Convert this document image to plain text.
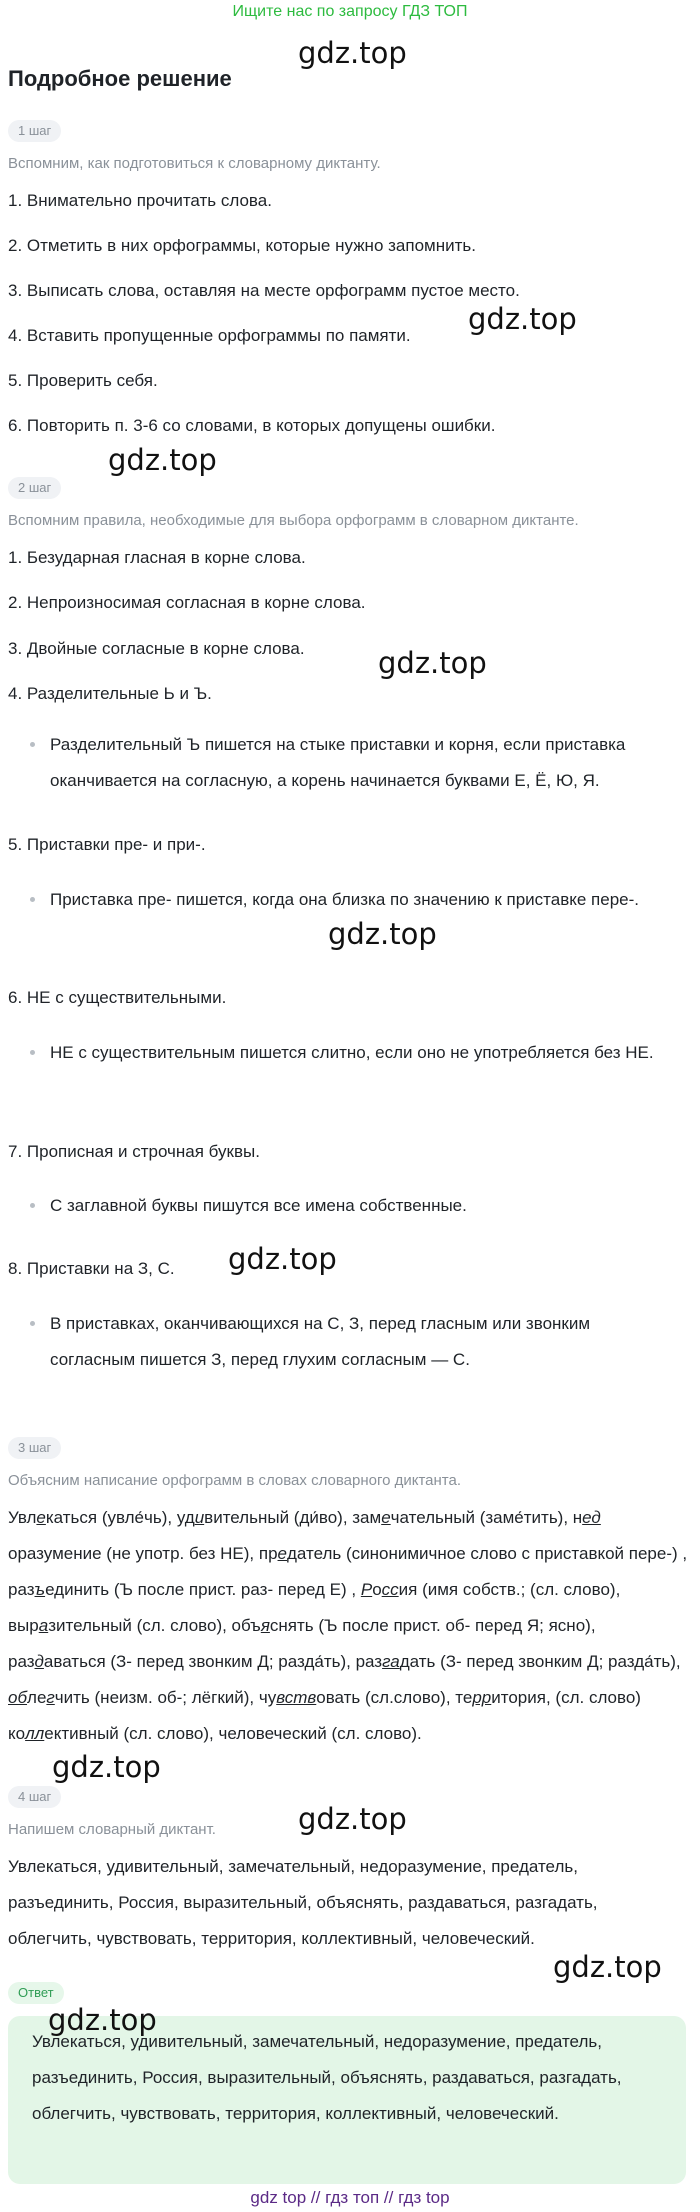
Ищите нас по запросу ГДЗ ТОП
Подробное решение
gdz.top
gdz.top
gdz.top
gdz.top
gdz.top
gdz.top
gdz.top
gdz.top
gdz.top
gdz.top
1 шаг
Вспомним, как подготовиться к словарному диктанту.
1. Внимательно прочитать слова.
2. Отметить в них орфограммы, которые нужно запомнить.
3. Выписать слова, оставляя на месте орфограмм пустое место.
4. Вставить пропущенные орфограммы по памяти.
5. Проверить себя.
6. Повторить п. 3-6 со словами, в которых допущены ошибки.
2 шаг
Вспомним правила, необходимые для выбора орфограмм в словарном диктанте.
1. Безударная гласная в корне слова.
2. Непроизносимая согласная в корне слова.
3. Двойные согласные в корне слова.
4. Разделительные Ь и Ъ.
Разделительный Ъ пишется на стыке приставки и корня, если приставка оканчивается на согласную, а корень начинается буквами Е, Ё, Ю, Я.
5. Приставки пре- и при-.
Приставка пре- пишется, когда она близка по значению к приставке пере-.
6. НЕ с существительными.
НЕ с существительным пишется слитно, если оно не употребляется без НЕ.
7. Прописная и строчная буквы.
С заглавной буквы пишутся все имена собственные.
8. Приставки на З, С.
В приставках, оканчивающихся на С, З, перед гласным или звонким согласным пишется З, перед глухим согласным — С.
3 шаг
Объясним написание орфограмм в словах словарного диктанта.
Увлекаться (увле́чь), удивительный (ди́во), замечательный (заме́тить), нед оразумение (не употр. без НЕ), предатель (синонимичное слово с приставкой пере-) , разъединить (Ъ после прист. раз- перед Е) , Россия (имя собств.; (сл. слово), выразительный (сл. слово), объяснять (Ъ после прист. об- перед Я; ясно), раздаваться (З- перед звонким Д; разда́ть), разгадать (З- перед звонким Д; разда́ть), облегчить (неизм. об-; лёгкий), чувствовать (сл.слово), территория, (сл. слово) коллективный (сл. слово), человеческий (сл. слово).
4 шаг
Напишем словарный диктант.
Увлекаться, удивительный, замечательный, недоразумение, предатель, разъединить, Россия, выразительный, объяснять, раздаваться, разгадать, облегчить, чувствовать, территория, коллективный, человеческий.
Ответ
Увлекаться, удивительный, замечательный, недоразумение, предатель, разъединить, Россия, выразительный, объяснять, раздаваться, разгадать, облегчить, чувствовать, территория, коллективный, человеческий.
gdz top // гдз топ // гдз top
